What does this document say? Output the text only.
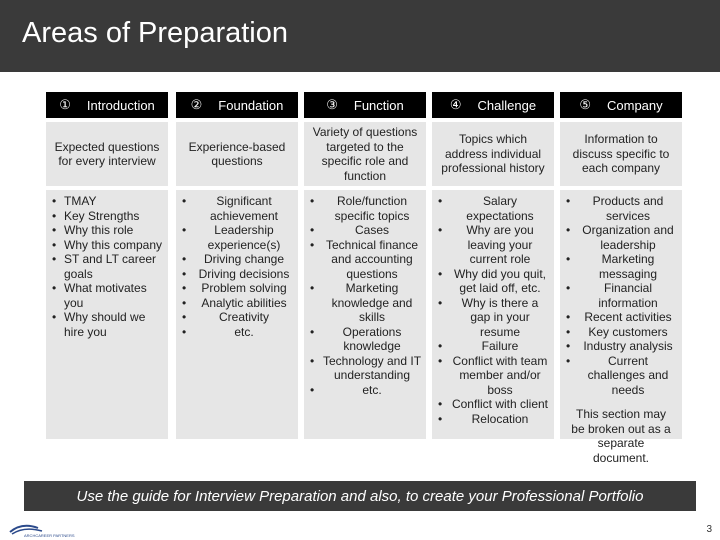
Areas of Preparation
① Introduction
Expected questions for every interview
• TMAY
• Key Strengths
• Why this role
• Why this company
• ST and LT career goals
• What motivates you
• Why should we hire you
② Foundation
Experience-based questions
• Significant achievement
• Leadership experience(s)
• Driving change
• Driving decisions
• Problem solving
• Analytic abilities
• Creativity
• etc.
③ Function
Variety of questions targeted to the specific role and function
• Role/function specific topics
• Cases
• Technical finance and accounting questions
• Marketing knowledge and skills
• Operations knowledge
• Technology and IT understanding
• etc.
④ Challenge
Topics which address individual professional history
• Salary expectations
• Why are you leaving your current role
• Why did you quit, get laid off, etc.
• Why is there a gap in your resume
• Failure
• Conflict with team member and/or boss
• Conflict with client
• Relocation
⑤ Company
Information to discuss specific to each company
• Products and services
• Organization and leadership
• Marketing messaging
• Financial information
• Recent activities
• Key customers
• Industry analysis
• Current challenges and needs
This section may be broken out as a separate document.
Use the guide for Interview Preparation and also, to create your Professional Portfolio
ARCHCAREER PARTNERS
3
